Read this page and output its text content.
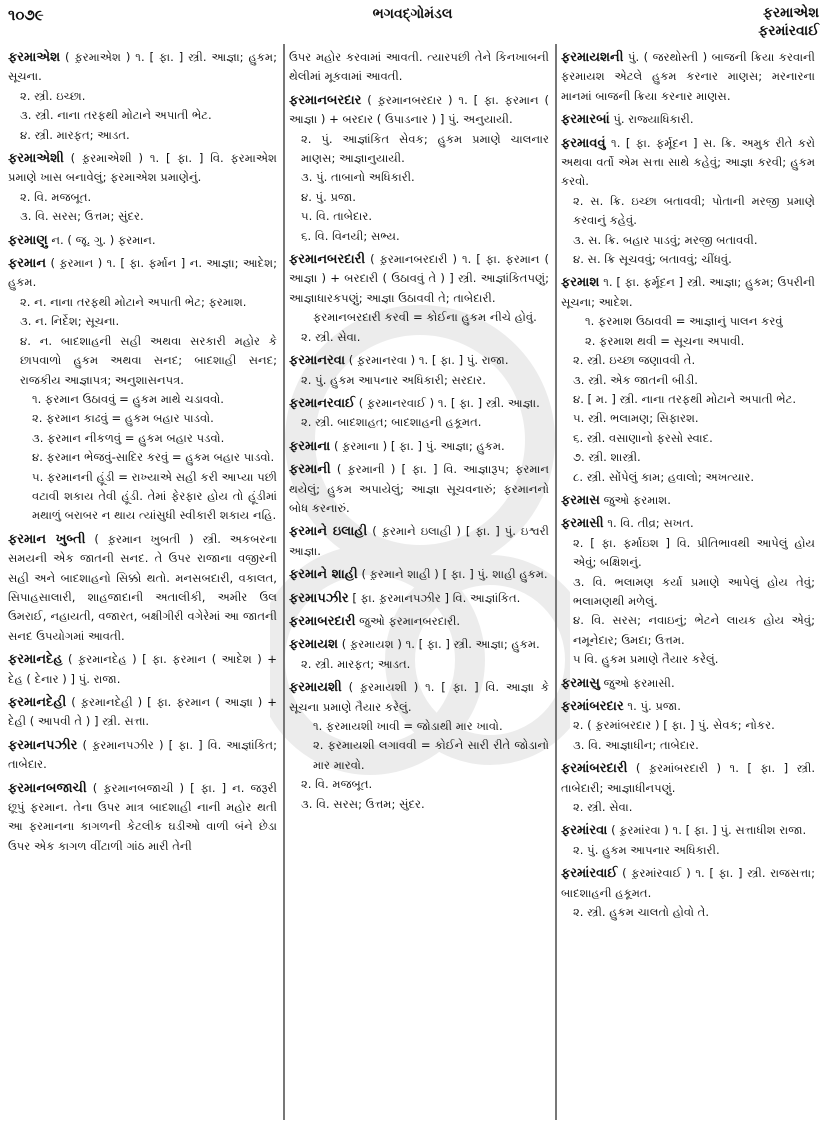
૧૦૭૯	ભગવદ્ગોમંડલ	ફરમાએશ
ફરમાંરવાઈ
ફરમાએશ ( ફ઼રમાએશ ) ૧. [ ફા. ] સ્ત્રી. આજ્ઞા; હુકમ; સૂચના.
૨. સ્ત્રી. ઇચ્છા.
૩. સ્ત્રી. નાના તરફથી મોટાને અપાતી ભેટ.
૪. સ્ત્રી. મારફત; આડત.
ફરમાએશી ( ફ઼રમાએશી ) ૧. [ ફા. ] વિ. ફરમાએશ પ્રમાણે ખાસ બનાવેલું; ફરમાએશ પ્રમાણેનું.
૨. વિ. મજબૂત.
૩. વિ. સરસ; ઉત્તમ; સુંદર.
ફરમાણુ ન. ( જૂ. ગુ. ) ફરમાન.
ફરમાન ( ફ઼રમાન ) ૧. [ ફા. ફર્માન ] ન. આજ્ઞા; આદેશ; હુકમ.
૨. ન. નાના તરફથી મોટાને અપાતી ભેટ; ફરમાશ.
૩. ન. નિર્દેશ; સૂચના.
૪. ન. બાદશાહની સહી અથવા સરકારી મહોર કે છાપવાળો હુકમ અથવા સનદ; બાદશાહી સનદ; રાજકીય આજ્ઞાપત્ર; અનુશાસનપત્ર.
૧. ફરમાન ઉઠાવવું = હુકમ માથે ચડાવવો.
૨. ફરમાન કાઢવું = હુકમ બહાર પાડવો.
૩. ફરમાન નીકળવું = હુકમ બહાર પડવો.
૪. ફરમાન ભેજવું-સાદિર કરવું = હુકમ બહાર પાડવો.
૫. ફરમાનની હૂંડી = રાખ્યાએ સહી કરી આપ્યા પછી વટાવી શકાય તેવી હૂંડી. તેમાં ફેરફાર હોય તો હૂંડીમાં મથાળું બરાબર ન થાય ત્યાંસુધી સ્વીકારી શકાય નહિ.
ફરમાન ખુબ્તી ( ફ઼રમાન ખુબતી ) સ્ત્રી. અકબરના સમયની એક જાતની સનદ. તે ઉપર રાજાના વજીરની સહી અને બાદશાહનો સિક્કો થતો. મનસબદારી, વકાલત, સિપાહસાલારી, શાહજાદાની અતાલીકી, અમીર ઉલ ઉમરાઈ, નહાયતી, વજારત, બક્ષીગીરી વગેરેમાં આ જાતની સનદ ઉપયોગમાં આવતી.
ફરમાનદેહ ( ફ઼રમાનદેહ ) [ ફા. ફરમાન ( આદેશ ) + દેહ ( દેનાર ) ] પું. રાજા.
ફરમાનદેહી ( ફ઼રમાનદેહી ) [ ફા. ફરમાન ( આજ્ઞા ) + દેહી ( આપવી તે ) ] સ્ત્રી. સત્તા.
ફરમાનપઝીર ( ફ઼રમાનપઝીર ) [ ફા. ] વિ. આજ્ઞાંકિત; તાબેદાર.
ફરમાનબજાચી ( ફ઼રમાનબજાચી ) [ ફા. ] ન. જરૂરી છૂપું ફરમાન. તેના ઉપર માત્ર બાદશાહી નાની મહોર થતી આ ફરમાનના કાગળની કેટલીક ઘડીઓ વાળી બંને છેડા ઉપર એક કાગળ વીંટાળી ગાંઠ મારી તેની
ઉપર મહોર કરવામાં આવતી. ત્યારપછી તેને કિનખાબની થેલીમાં મૂકવામાં આવતી.
ફરમાનબરદાર ( ફ઼રમાનબરદાર ) ૧. [ ફા. ફરમાન ( આજ્ઞા ) + બરદાર ( ઉપાડનાર ) ] પું. અનુયાયી.
૨. પું. આજ્ઞાંકિત સેવક; હુકમ પ્રમાણે ચાલનાર માણસ; આજ્ઞાનુયાયી.
૩. પું. તાબાનો અધિકારી.
૪. પું. પ્રજા.
૫. વિ. તાબેદાર.
૬. વિ. વિનયી; સભ્ય.
ફરમાનબરદારી ( ફ઼રમાનબરદારી ) ૧. [ ફા. ફરમાન ( આજ્ઞા ) + બરદારી ( ઉઠાવવું તે ) ] સ્ત્રી. આજ્ઞાંકિતપણું; આજ્ઞાધારકપણું; આજ્ઞા ઉઠાવવી તે; તાબેદારી.
ફરમાનબરદારી કરવી = કોઈના હુકમ નીચે હોવું.
૨. સ્ત્રી. સેવા.
ફરમાનરવા ( ફ઼રમાનરવા ) ૧. [ ફા. ] પું. રાજા.
૨. પું. હુકમ આપનાર અધિકારી; સરદાર.
ફરમાનરવાઈ ( ફ઼રમાનરવાઈ ) ૧. [ ફા. ] સ્ત્રી. આજ્ઞા.
૨. સ્ત્રી. બાદશાહત; બાદશાહની હકૂમત.
ફરમાના ( ફ઼રમાના ) [ ફા. ] પું. આજ્ઞા; હુકમ.
ફરમાની ( ફ઼રમાની ) [ ફા. ] વિ. આજ્ઞારૂપ; ફરમાન થયેલું; હુકમ અપાયેલું; આજ્ઞા સૂચવનારું; ફરમાનનો બોધ કરનારું.
ફરમાને ઇલાહી ( ફ઼રમાને ઇલાહી ) [ ફા. ] પું. ઇશ્વરી આજ્ઞા.
ફરમાને શાહી ( ફ઼રમાને શાહી ) [ ફા. ] પું. શાહી હુકમ.
ફરમાપઝીર [ ફા. ફ઼રમાનપઝીર ] વિ. આજ્ઞાંકિત.
ફરમાબરદારી જુઓ ફરમાનબરદારી.
ફરમાયશ ( ફ઼રમાયશ ) ૧. [ ફા. ] સ્ત્રી. આજ્ઞા; હુકમ.
૨. સ્ત્રી. મારફત; આડત.
ફરમાયશી ( ફ઼રમાયશી ) ૧. [ ફા. ] વિ. આજ્ઞા કે સૂચના પ્રમાણે તૈયાર કરેલું.
૧. ફરમાયશી ખાવી = જોડાથી માર ખાવો.
૨. ફરમાયશી લગાવવી = કોઈને સારી રીતે જોડાનો માર મારવો.
૨. વિ. મજબૂત.
૩. વિ. સરસ; ઉત્તમ; સુંદર.
ફરમાયશની પું. ( જરથોસ્તી ) બાજની ક્રિયા કરવાની ફરમાયશ એટલે હુકમ કરનાર માણસ; મરનારના માનમાં બાજની ક્રિયા કરનાર માણસ.
ફરમારબાં પું. રાજ્યાધિકારી.
ફરમાવવું ૧. [ ફા. ફર્મૂદન ] સ. ક્રિ. અમુક રીતે કરો અથવા વર્તો એમ સત્તા સાથે કહેવું; આજ્ઞા કરવી; હુકમ કરવો.
૨. સ. ક્રિ. ઇચ્છા બતાવવી; પોતાની મરજી પ્રમાણે કરવાનું કહેવું.
૩. સ. ક્રિ. બહાર પાડવું; મરજી બતાવવી.
૪. સ. ક્રિ સૂચવવું; બતાવવું; ચીંધવું.
ફરમાશ ૧. [ ફા. ફર્મૂદન ] સ્ત્રી. આજ્ઞા; હુકમ; ઉપરીની સૂચના; આદેશ.
૧. ફરમાશ ઉઠાવવી = આજ્ઞાનું પાલન કરવું
૨. ફરમાશ થવી = સૂચના અપાવી.
૨. સ્ત્રી. ઇચ્છા જણાવવી તે.
૩. સ્ત્રી. એક જાતની બીડી.
૪. [ મ. ] સ્ત્રી. નાના તરફથી મોટાને અપાતી ભેટ.
૫. સ્ત્રી. ભલામણ; સિફારશ.
૬. સ્ત્રી. વસાણાનો ફરસો સ્વાદ.
૭. સ્ત્રી. શાસ્ત્રી.
૮. સ્ત્રી. સોંપેલું કામ; હવાલો; અખત્યાર.
ફરમાસ જુઓ ફરમાશ.
ફરમાસી ૧. વિ. તીવ્ર; સખત.
૨. [ ફા. ફર્માઇશ ] વિ. પ્રીતિભાવથી આપેલું હોય એવું; બક્ષિશનું.
૩. વિ. ભલામણ કર્યા પ્રમાણે આપેલું હોય તેવું; ભલામણથી મળેલું.
૪. વિ. સરસ; નવાઇનું; ભેટને લાયક હોય એવું; નમૂનેદાર; ઉમદા; ઉત્તમ.
૫ વિ. હુકમ પ્રમાણે તૈયાર કરેલું.
ફરમાસુ જુઓ ફરમાસી.
ફરમાંબરદાર ૧. પું. પ્રજા.
૨. ( ફ઼રમાંબરદાર ) [ ફા. ] પું. સેવક; નોકર.
૩. વિ. આજ્ઞાધીન; તાબેદાર.
ફરમાંબરદારી ( ફ઼રમાંબરદારી ) ૧. [ ફા. ] સ્ત્રી. તાબેદારી; આજ્ઞાધીનપણું.
૨. સ્ત્રી. સેવા.
ફરમાંરવા ( ફ઼રમાંરવા ) ૧. [ ફા. ] પું. સત્તાધીશ રાજા.
૨. પું. હુકમ આપનાર અધિકારી.
ફરમાંરવાઈ ( ફ઼રમાંરવાઈ ) ૧. [ ફા. ] સ્ત્રી. રાજસત્તા; બાદશાહની હકૂમત.
૨. સ્ત્રી. હુકમ ચાલતો હોવો તે.
